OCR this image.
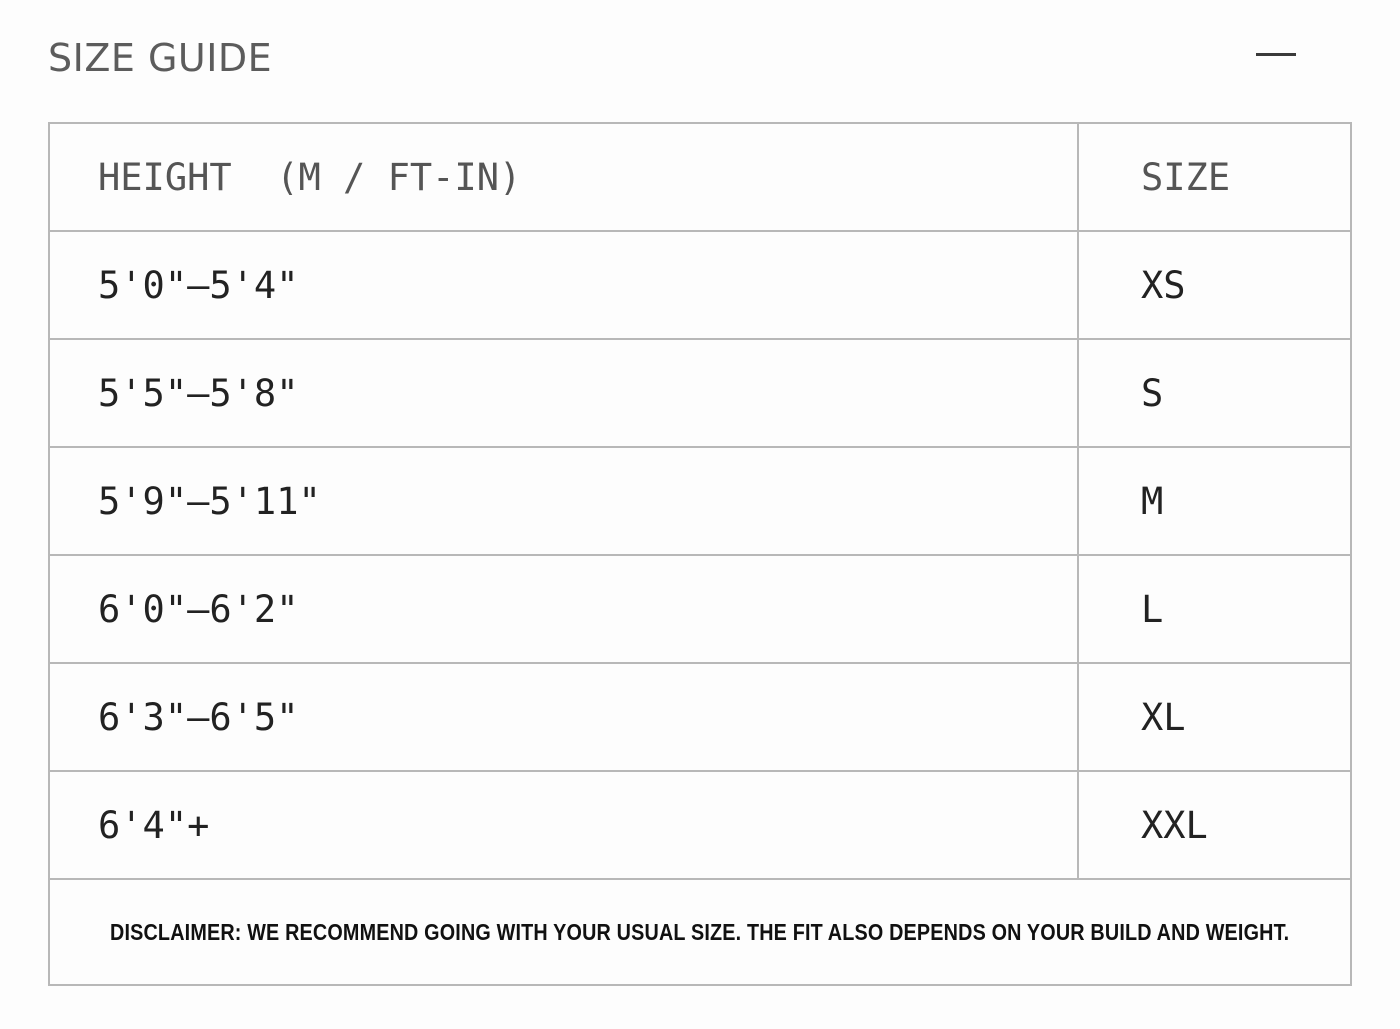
SIZE GUIDE
HEIGHT  (M / FT-IN)	SIZE
5'0"–5'4"	XS
5'5"–5'8"	S
5'9"–5'11"	M
6'0"–6'2"	L
6'3"–6'5"	XL
6'4"+	XXL
DISCLAIMER: WE RECOMMEND GOING WITH YOUR USUAL SIZE. THE FIT ALSO DEPENDS ON YOUR BUILD AND WEIGHT.
